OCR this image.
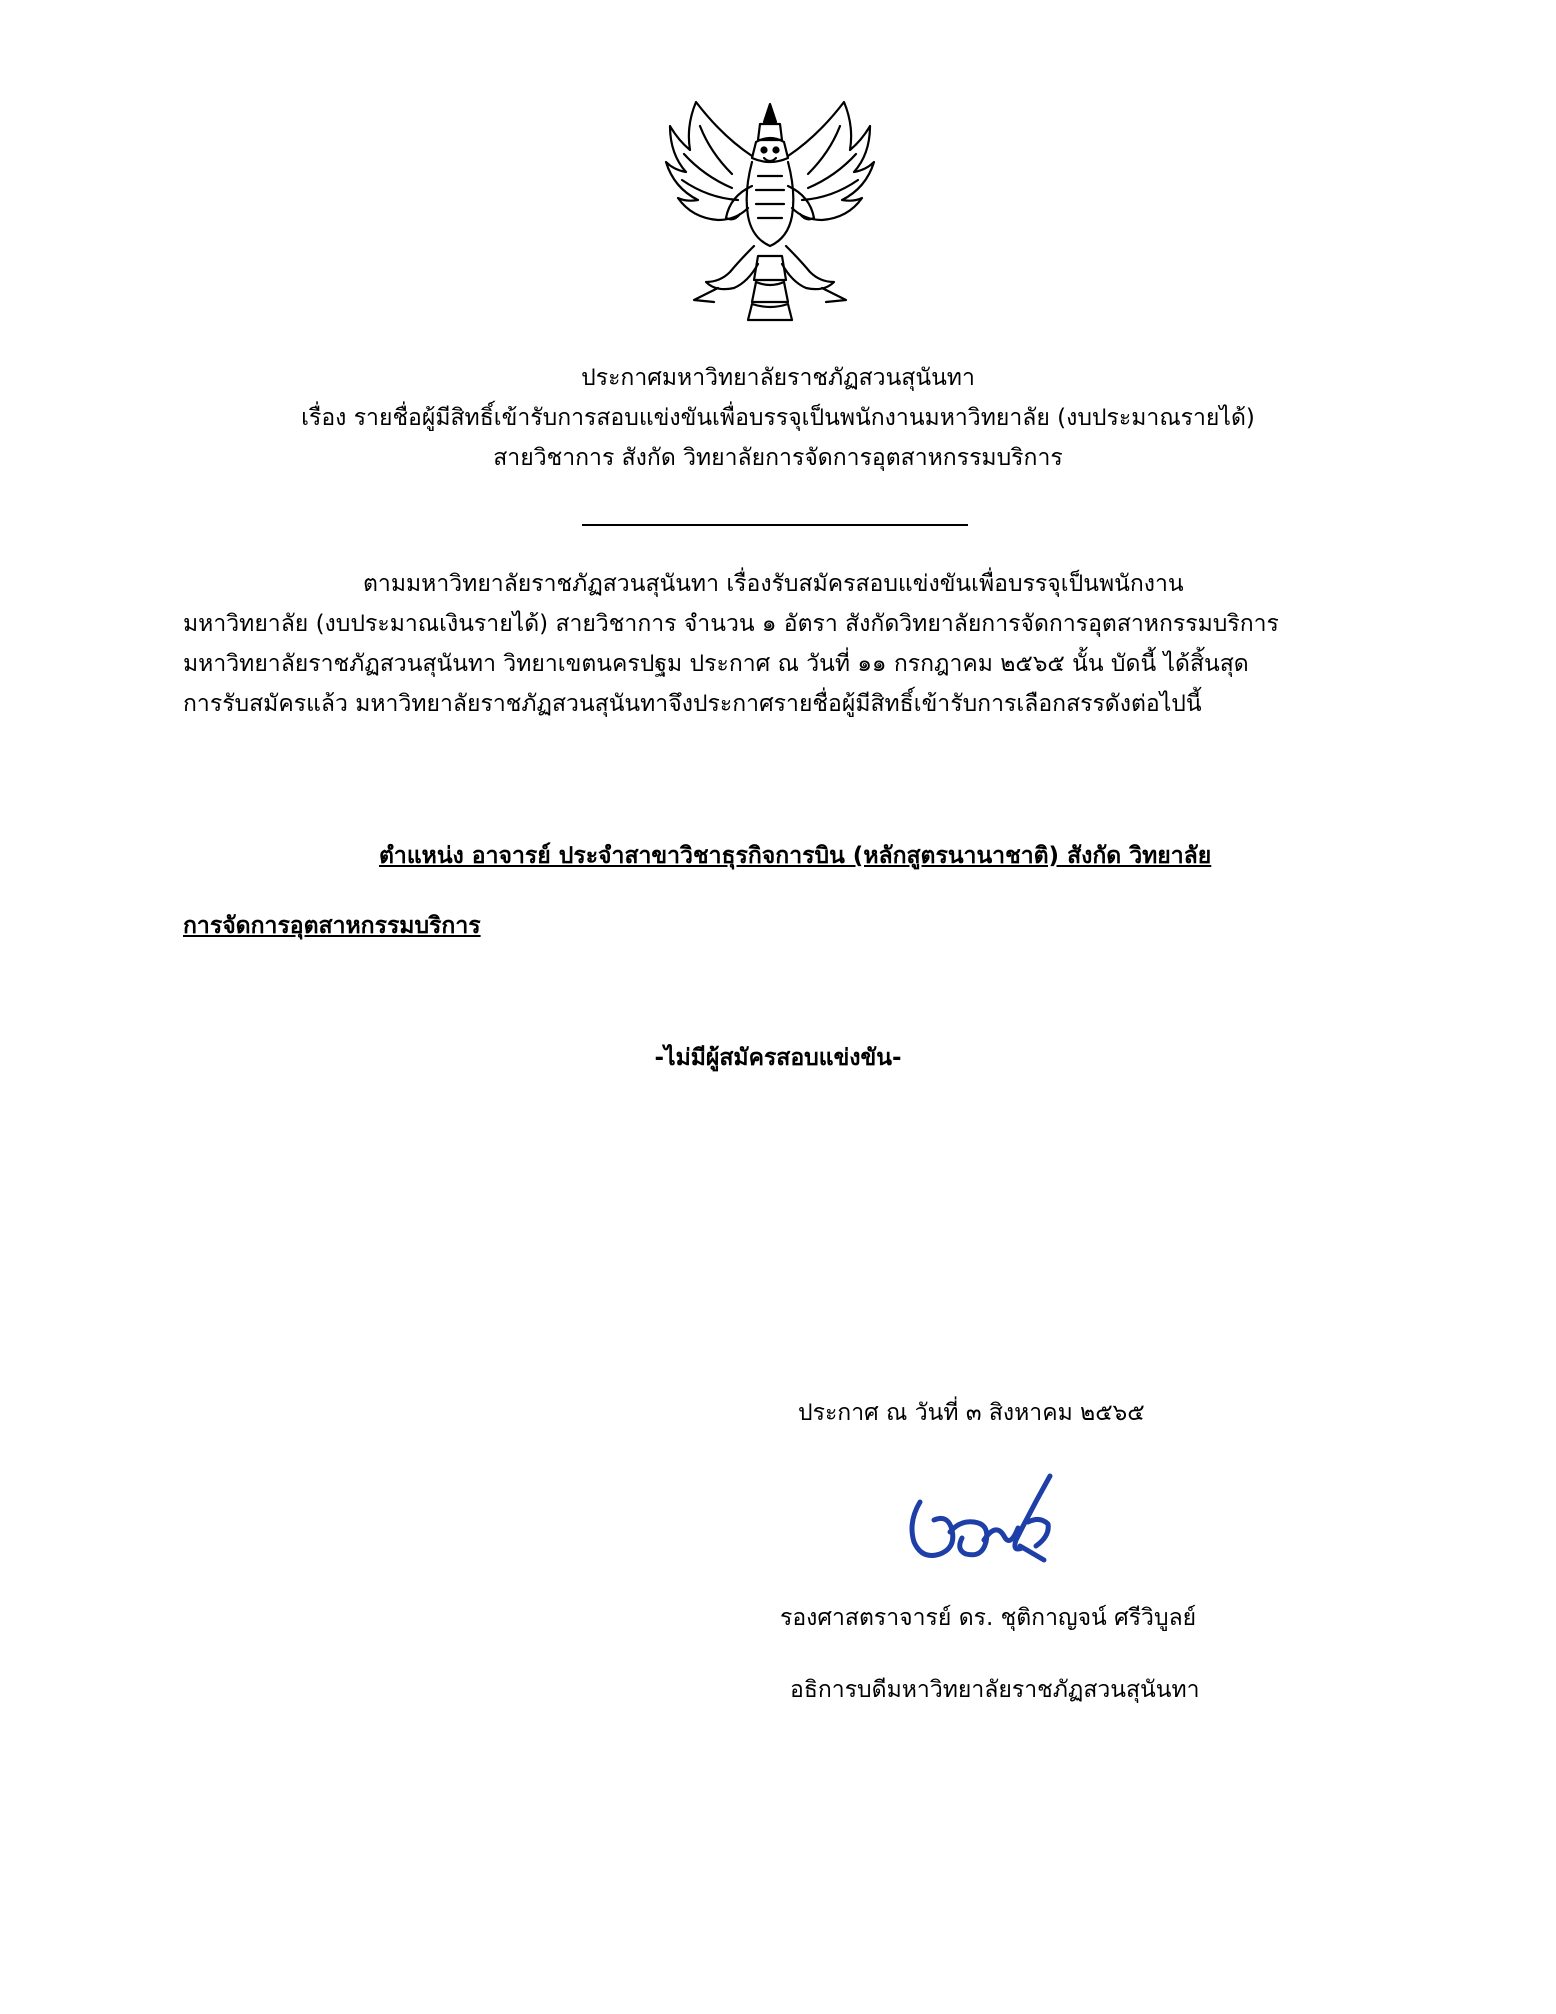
ประกาศมหาวิทยาลัยราชภัฏสวนสุนันทา
เรื่อง รายชื่อผู้มีสิทธิ์เข้ารับการสอบแข่งขันเพื่อบรรจุเป็นพนักงานมหาวิทยาลัย (งบประมาณรายได้)
สายวิชาการ สังกัด วิทยาลัยการจัดการอุตสาหกรรมบริการ
ตามมหาวิทยาลัยราชภัฏสวนสุนันทา เรื่องรับสมัครสอบแข่งขันเพื่อบรรจุเป็นพนักงาน
มหาวิทยาลัย (งบประมาณเงินรายได้) สายวิชาการ จำนวน ๑ อัตรา สังกัดวิทยาลัยการจัดการอุตสาหกรรมบริการ
มหาวิทยาลัยราชภัฏสวนสุนันทา วิทยาเขตนครปฐม ประกาศ ณ วันที่ ๑๑ กรกฎาคม ๒๕๖๕ นั้น บัดนี้ ได้สิ้นสุด
การรับสมัครแล้ว มหาวิทยาลัยราชภัฏสวนสุนันทาจึงประกาศรายชื่อผู้มีสิทธิ์เข้ารับการเลือกสรรดังต่อไปนี้
ตำแหน่ง อาจารย์ ประจำสาขาวิชาธุรกิจการบิน (หลักสูตรนานาชาติ) สังกัด วิทยาลัย
การจัดการอุตสาหกรรมบริการ
-ไม่มีผู้สมัครสอบแข่งขัน-
ประกาศ ณ วันที่ ๓ สิงหาคม ๒๕๖๕
รองศาสตราจารย์ ดร. ชุติกาญจน์ ศรีวิบูลย์
อธิการบดีมหาวิทยาลัยราชภัฏสวนสุนันทา
